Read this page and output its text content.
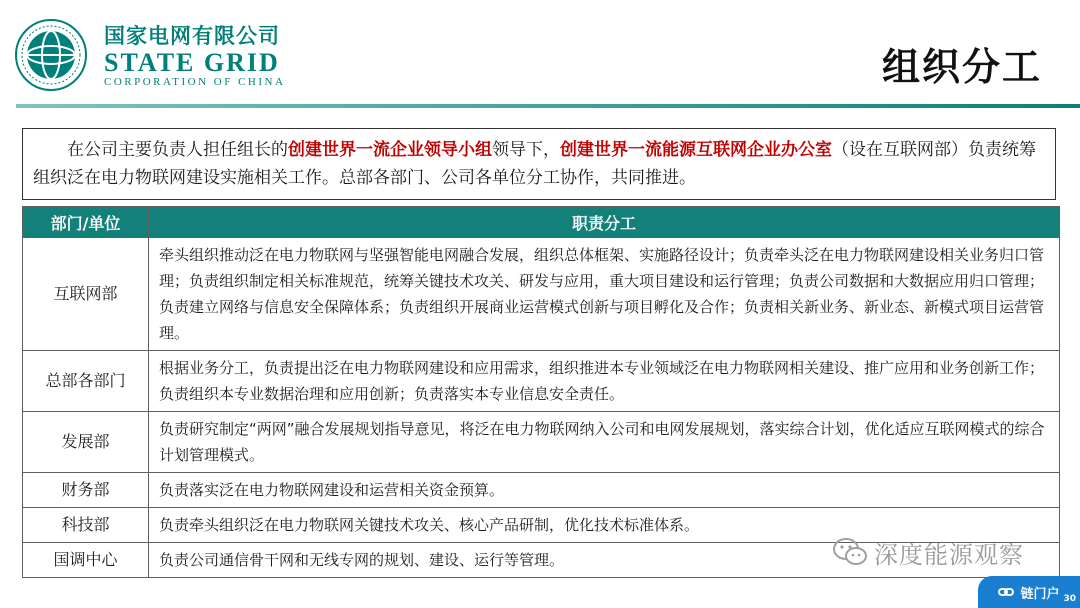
国家电网有限公司
STATE GRID
CORPORATION OF CHINA	组织分工
在公司主要负责人担任组长的创建世界一流企业领导小组领导下，创建世界一流能源互联网企业办公室（设在互联网部）负责统筹组织泛在电力物联网建设实施相关工作。总部各部门、公司各单位分工协作，共同推进。
部门/单位	职责分工
互联网部	牵头组织推动泛在电力物联网与坚强智能电网融合发展，组织总体框架、实施路径设计；负责牵头泛在电力物联网建设相关业务归口管理；负责组织制定相关标准规范，统筹关键技术攻关、研发与应用，重大项目建设和运行管理；负责公司数据和大数据应用归口管理；负责建立网络与信息安全保障体系；负责组织开展商业运营模式创新与项目孵化及合作；负责相关新业务、新业态、新模式项目运营管理。
总部各部门	根据业务分工，负责提出泛在电力物联网建设和应用需求，组织推进本专业领域泛在电力物联网相关建设、推广应用和业务创新工作；负责组织本专业数据治理和应用创新；负责落实本专业信息安全责任。
发展部	负责研究制定“两网”融合发展规划指导意见，将泛在电力物联网纳入公司和电网发展规划，落实综合计划，优化适应互联网模式的综合计划管理模式。
财务部	负责落实泛在电力物联网建设和运营相关资金预算。
科技部	负责牵头组织泛在电力物联网关键技术攻关、核心产品研制，优化技术标准体系。
国调中心	负责公司通信骨干网和无线专网的规划、建设、运行等管理。	深度能源观察
链门户 30
